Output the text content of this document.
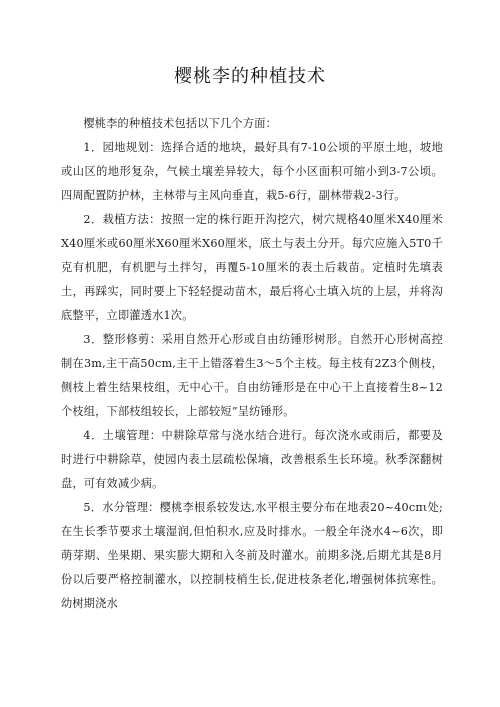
樱桃李的种植技术

樱桃李的种植技术包括以下几个方面：

1．园地规划：选择合适的地块，最好具有7-10公顷的平原土地，坡地或山区的地形复杂，气候土壤差异较大，每个小区面积可缩小到3-7公顷。四周配置防护林，主林带与主风向垂直，栽5-6行，副林带栽2-3行。

2．栽植方法：按照一定的株行距开沟挖穴，树穴规格40厘米X40厘米X40厘米或60厘米X60厘米X60厘米，底土与表土分开。每穴应施入5T0千克有机肥，有机肥与土拌匀，再覆5-10厘米的表土后栽苗。定植时先填表土，再踩实，同时要上下轻轻提动苗木，最后将心土填入坑的上层，并将沟底整平，立即灌透水1次。

3．整形修剪：采用自然开心形或自由纺锤形树形。自然开心形树高控制在3m,主干高50cm,主干上错落着生3～5个主枝。每主枝有2Z3个侧枝，侧枝上着生结果枝组，无中心干。自由纺锤形是在中心干上直接着生8~12个枝组，下部枝组较长，上部较短”呈纺锤形。

4．土壤管理：中耕除草常与浇水结合进行。每次浇水或雨后，都要及时进行中耕除草，使园内表土层疏松保墒，改善根系生长环境。秋季深翻树盘，可有效减少病。

5．水分管理：樱桃李根系较发达,水平根主要分布在地表20~40cπι处;在生长季节要求土壤湿润,但怕积水,应及时排水。一般全年浇水4~6次，即萌芽期、坐果期、果实膨大期和入冬前及时灌水。前期多浇,后期尤其是8月份以后要严格控制灌水，以控制枝梢生长,促进枝条老化,增强树体抗寒性。幼树期浇水
